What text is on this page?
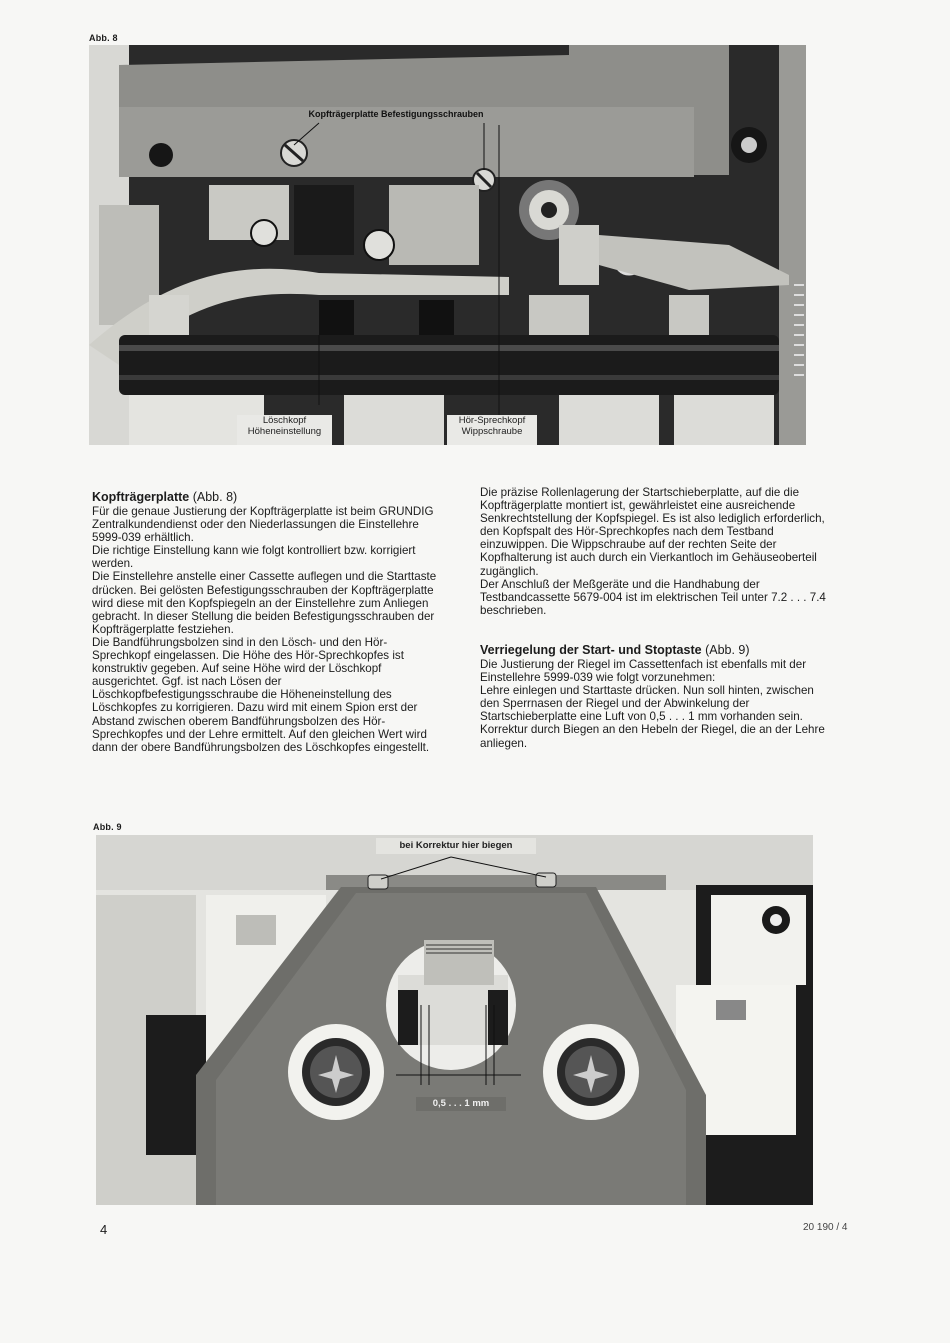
Abb. 8
Kopfträgerplatte Befestigungsschrauben
Löschkopf
Höheneinstellung
Hör-Sprechkopf
Wippschraube
Kopfträgerplatte (Abb. 8)

Für die genaue Justierung der Kopfträgerplatte ist beim GRUNDIG Zentralkundendienst oder den Niederlassungen die Einstellehre 5999-039 erhältlich.

Die richtige Einstellung kann wie folgt kontrolliert bzw. korrigiert werden.

Die Einstellehre anstelle einer Cassette auflegen und die Starttaste drücken. Bei gelösten Befestigungsschrauben der Kopfträgerplatte wird diese mit den Kopfspiegeln an der Einstellehre zum Anliegen gebracht. In dieser Stellung die beiden Befestigungsschrauben der Kopfträgerplatte festziehen.

Die Bandführungsbolzen sind in den Lösch- und den Hör-Sprechkopf eingelassen. Die Höhe des Hör-Sprechkopfes ist konstruktiv gegeben. Auf seine Höhe wird der Löschkopf ausgerichtet. Ggf. ist nach Lösen der Löschkopfbefestigungsschraube die Höheneinstellung des Löschkopfes zu korrigieren. Dazu wird mit einem Spion erst der Abstand zwischen oberem Bandführungsbolzen des Hör-Sprechkopfes und der Lehre ermittelt. Auf den gleichen Wert wird dann der obere Bandführungsbolzen des Löschkopfes eingestellt.

Die präzise Rollenlagerung der Startschieberplatte, auf die die Kopfträgerplatte montiert ist, gewährleistet eine ausreichende Senkrechtstellung der Kopfspiegel. Es ist also lediglich erforderlich, den Kopfspalt des Hör-Sprechkopfes nach dem Testband einzuwippen. Die Wippschraube auf der rechten Seite der Kopfhalterung ist auch durch ein Vierkantloch im Gehäuseoberteil zugänglich.

Der Anschluß der Meßgeräte und die Handhabung der Testbandcassette 5679-004 ist im elektrischen Teil unter 7.2 . . . 7.4 beschrieben.

Verriegelung der Start- und Stoptaste (Abb. 9)

Die Justierung der Riegel im Cassettenfach ist ebenfalls mit der Einstellehre 5999-039 wie folgt vorzunehmen:

Lehre einlegen und Starttaste drücken. Nun soll hinten, zwischen den Sperrnasen der Riegel und der Abwinkelung der Startschieberplatte eine Luft von 0,5 . . . 1 mm vorhanden sein. Korrektur durch Biegen an den Hebeln der Riegel, die an der Lehre anliegen.

Abb. 9
bei Korrektur hier biegen
0,5 . . . 1 mm
4	20 190 / 4
